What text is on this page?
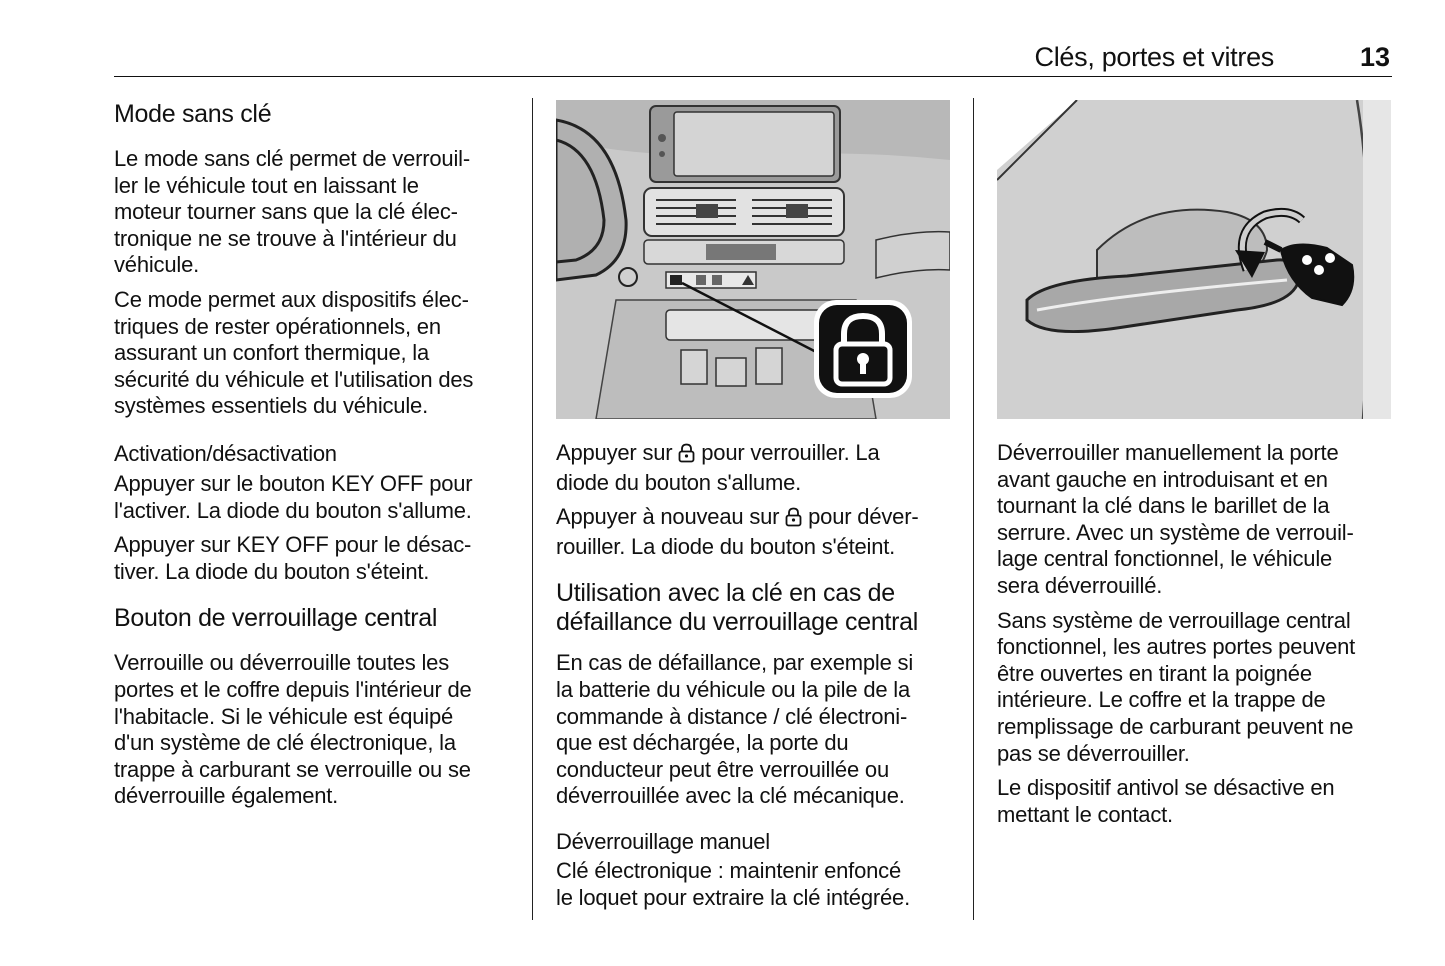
Clés, portes et vitres	13
Mode sans clé

Le mode sans clé permet de verrouil-

ler le véhicule tout en laissant le

moteur tourner sans que la clé élec-

tronique ne se trouve à l'intérieur du

véhicule.

Ce mode permet aux dispositifs élec-

triques de rester opérationnels, en

assurant un confort thermique, la

sécurité du véhicule et l'utilisation des

systèmes essentiels du véhicule.

Activation/désactivation

Appuyer sur le bouton KEY OFF pour

l'activer. La diode du bouton s'allume.

Appuyer sur KEY OFF pour le désac-

tiver. La diode du bouton s'éteint.

Bouton de verrouillage central

Verrouille ou déverrouille toutes les

portes et le coffre depuis l'intérieur de

l'habitacle. Si le véhicule est équipé

d'un système de clé électronique, la

trappe à carburant se verrouille ou se

déverrouille également.

Appuyer sur pour verrouiller. La

diode du bouton s'allume.

Appuyer à nouveau sur pour déver-

rouiller. La diode du bouton s'éteint.

Utilisation avec la clé en cas de
défaillance du verrouillage central

En cas de défaillance, par exemple si

la batterie du véhicule ou la pile de la

commande à distance / clé électroni-

que est déchargée, la porte du

conducteur peut être verrouillée ou

déverrouillée avec la clé mécanique.

Déverrouillage manuel

Clé électronique : maintenir enfoncé

le loquet pour extraire la clé intégrée.

Déverrouiller manuellement la porte

avant gauche en introduisant et en

tournant la clé dans le barillet de la

serrure. Avec un système de verrouil-

lage central fonctionnel, le véhicule

sera déverrouillé.

Sans système de verrouillage central

fonctionnel, les autres portes peuvent

être ouvertes en tirant la poignée

intérieure. Le coffre et la trappe de

remplissage de carburant peuvent ne

pas se déverrouiller.

Le dispositif antivol se désactive en

mettant le contact.
